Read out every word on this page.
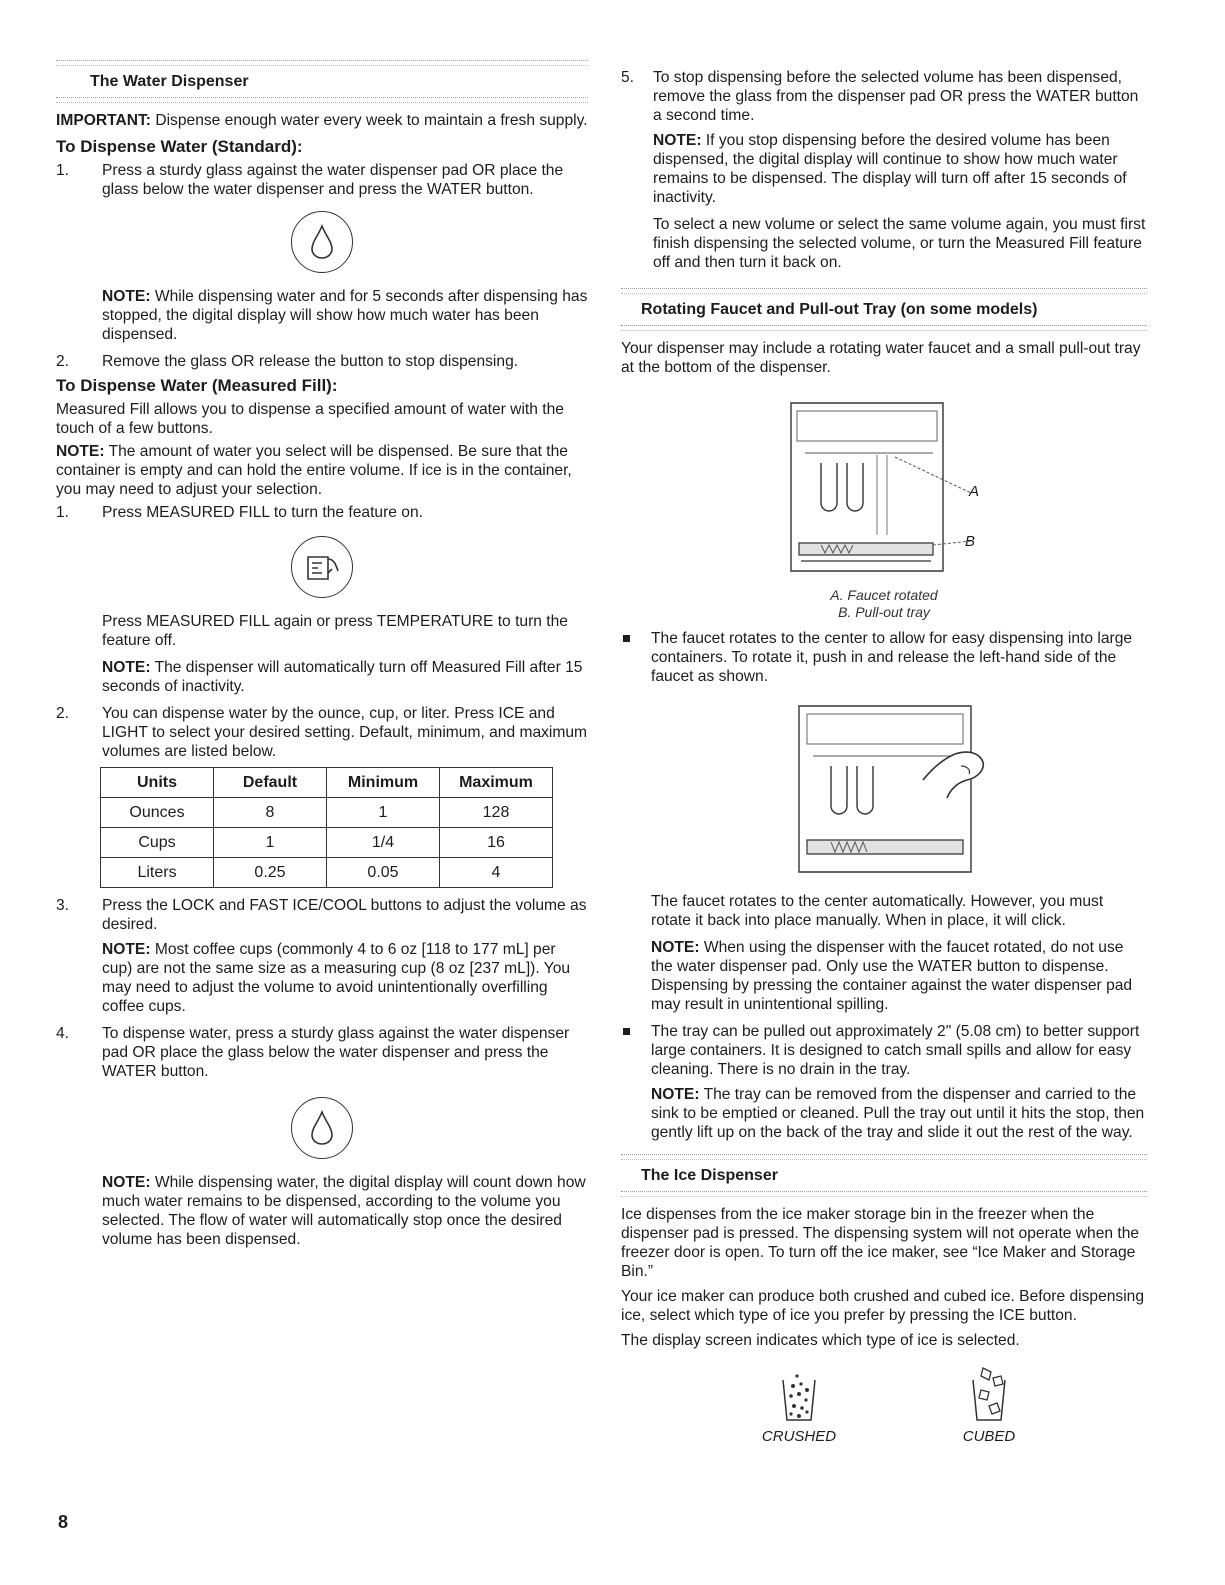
The Water Dispenser

IMPORTANT: Dispense enough water every week to maintain a fresh supply.

To Dispense Water (Standard):
1.	Press a sturdy glass against the water dispenser pad OR place the glass below the water dispenser and press the WATER button.

NOTE: While dispensing water and for 5 seconds after dispensing has stopped, the digital display will show how much water has been dispensed.

2.	Remove the glass OR release the button to stop dispensing.

To Dispense Water (Measured Fill):

Measured Fill allows you to dispense a specified amount of water with the touch of a few buttons.

NOTE: The amount of water you select will be dispensed. Be sure that the container is empty and can hold the entire volume. If ice is in the container, you may need to adjust your selection.

1.	Press MEASURED FILL to turn the feature on.

Press MEASURED FILL again or press TEMPERATURE to turn the feature off.

NOTE: The dispenser will automatically turn off Measured Fill after 15 seconds of inactivity.

2.	You can dispense water by the ounce, cup, or liter. Press ICE and LIGHT to select your desired setting. Default, minimum, and maximum volumes are listed below.

Units	Default	Minimum	Maximum
Ounces	8	1	128
Cups	1	1/4	16
Liters	0.25	0.05	4
3.	Press the LOCK and FAST ICE/COOL buttons to adjust the volume as desired.

NOTE: Most coffee cups (commonly 4 to 6 oz [118 to 177 mL] per cup) are not the same size as a measuring cup (8 oz [237 mL]). You may need to adjust the volume to avoid unintentionally overfilling coffee cups.

4.	To dispense water, press a sturdy glass against the water dispenser pad OR place the glass below the water dispenser and press the WATER button.

NOTE: While dispensing water, the digital display will count down how much water remains to be dispensed, according to the volume you selected. The flow of water will automatically stop once the desired volume has been dispensed.

5.	To stop dispensing before the selected volume has been dispensed, remove the glass from the dispenser pad OR press the WATER button a second time.

NOTE: If you stop dispensing before the desired volume has been dispensed, the digital display will continue to show how much water remains to be dispensed. The display will turn off after 15 seconds of inactivity.

To select a new volume or select the same volume again, you must first finish dispensing the selected volume, or turn the Measured Fill feature off and then turn it back on.

Rotating Faucet and Pull-out Tray (on some models)

Your dispenser may include a rotating water faucet and a small pull-out tray at the bottom of the dispenser.

A
B
A. Faucet rotated
B. Pull-out tray

The faucet rotates to the center to allow for easy dispensing into large containers. To rotate it, push in and release the left-hand side of the faucet as shown.

The faucet rotates to the center automatically. However, you must rotate it back into place manually. When in place, it will click.

NOTE: When using the dispenser with the faucet rotated, do not use the water dispenser pad. Only use the WATER button to dispense. Dispensing by pressing the container against the water dispenser pad may result in unintentional spilling.

The tray can be pulled out approximately 2" (5.08 cm) to better support large containers. It is designed to catch small spills and allow for easy cleaning. There is no drain in the tray.

NOTE: The tray can be removed from the dispenser and carried to the sink to be emptied or cleaned. Pull the tray out until it hits the stop, then gently lift up on the back of the tray and slide it out the rest of the way.

The Ice Dispenser

Ice dispenses from the ice maker storage bin in the freezer when the dispenser pad is pressed. The dispensing system will not operate when the freezer door is open. To turn off the ice maker, see “Ice Maker and Storage Bin.”

Your ice maker can produce both crushed and cubed ice. Before dispensing ice, select which type of ice you prefer by pressing the ICE button.

The display screen indicates which type of ice is selected.

CRUSHED	CUBED
8
